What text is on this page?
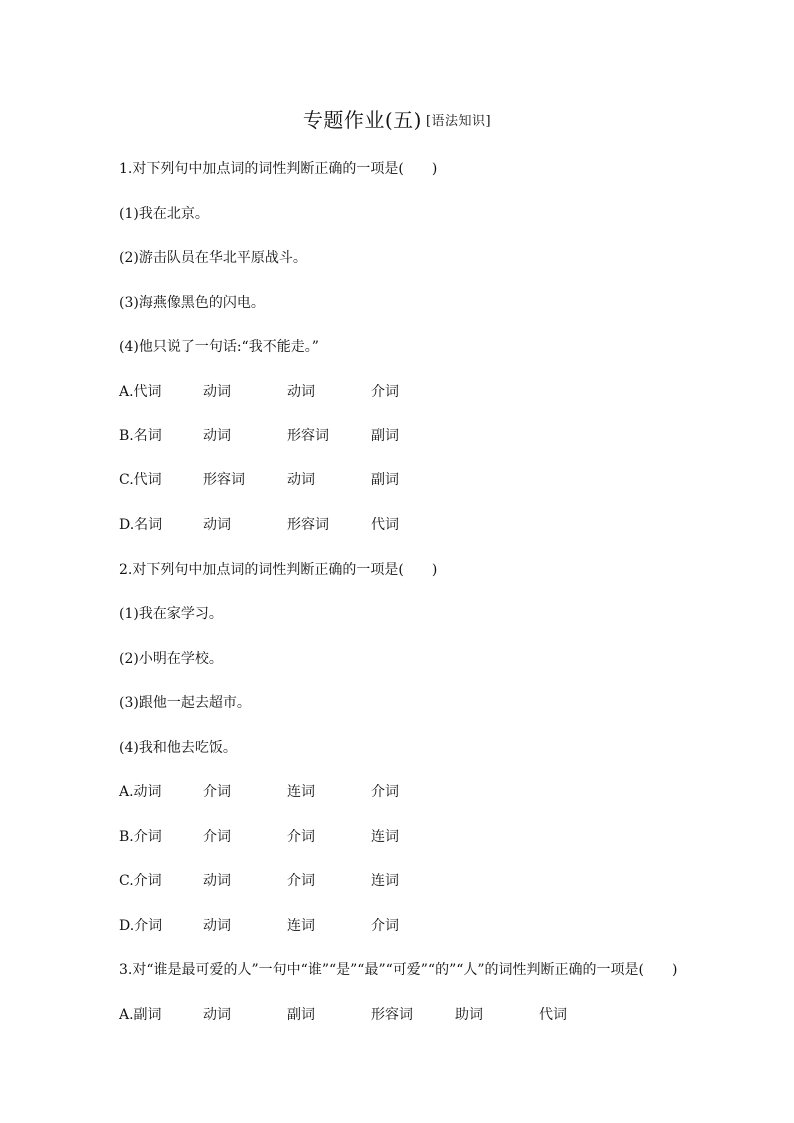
专题作业(五) [语法知识]
1.对下列句中加点词的词性判断正确的一项是(　　)
(1)我在北京。
(2)游击队员在华北平原战斗。
(3)海燕像黑色的闪电。
(4)他只说了一句话:“我不能走。”
A.代词	动词	动词	介词
B.名词	动词	形容词	副词
C.代词	形容词	动词	副词
D.名词	动词	形容词	代词
2.对下列句中加点词的词性判断正确的一项是(　　)
(1)我在家学习。
(2)小明在学校。
(3)跟他一起去超市。
(4)我和他去吃饭。
A.动词	介词	连词	介词
B.介词	介词	介词	连词
C.介词	动词	介词	连词
D.介词	动词	连词	介词
3.对“谁是最可爱的人”一句中“谁”“是”“最”“可爱”“的”“人”的词性判断正确的一项是(　　)
A.副词	动词	副词	形容词	助词	代词
